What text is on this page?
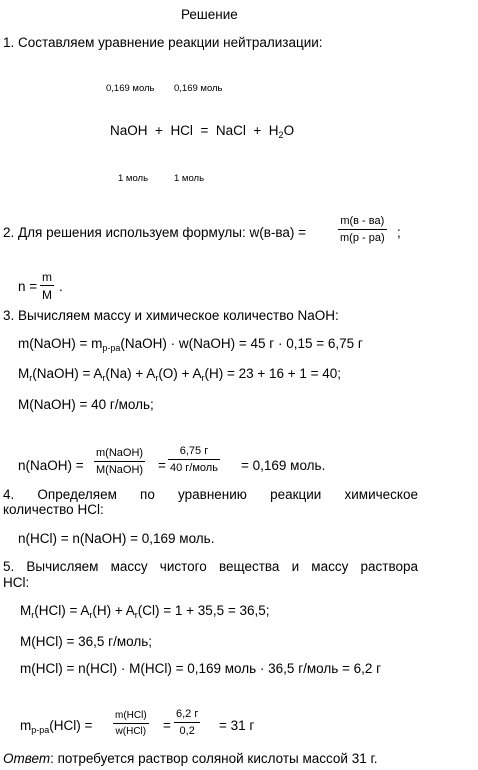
Решение
1. Составляем уравнение реакции нейтрализации:
0,169 моль 0,169 моль
NaOH + HCl = NaCl + $H_2O$
1 моль	1 моль
2. Для решения используем формулы: w(в-ва) =
m(в - ва)
m(р - ра) ;
$n = \frac{m}{M}$ .
3. Вычисляем массу и химическое количество NaOH:
m(NaOH) = $m_{р-ра}(NaOH)$ · w(NaOH) = 45 г · 0,15 = 6,75 г
$M_r(NaOH) = A_r(Na) + A_r(O) + A_r(H) = 23 + 16 + 1 = 40$;
M(NaOH) = 40 г/моль;
n(NaOH) =
m(NaOH)
M(NaOH) =
6,75 г
40 г/моль = 0,169 моль.
4. Определяем по уравнению реакции химическое
количество HCl:
n(HCl) = n(NaOH) = 0,169 моль.
5. Вычисляем массу чистого вещества и массу раствора
HCl:
$M_r(HCl) = A_r(H) + A_r(Cl) = 1 + 35,5 = 36,5$;
M(HCl) = 36,5 г/моль;
m(HCl) = n(HCl) · M(HCl) = 0,169 моль · 36,5 г/моль = 6,2 г
$m_{р-ра}(HCl)$ =
m(HCl)
w(HCl) =
6,2 г
0,2	= 31 г
Ответ: потребуется раствор соляной кислоты массой 31 г.
